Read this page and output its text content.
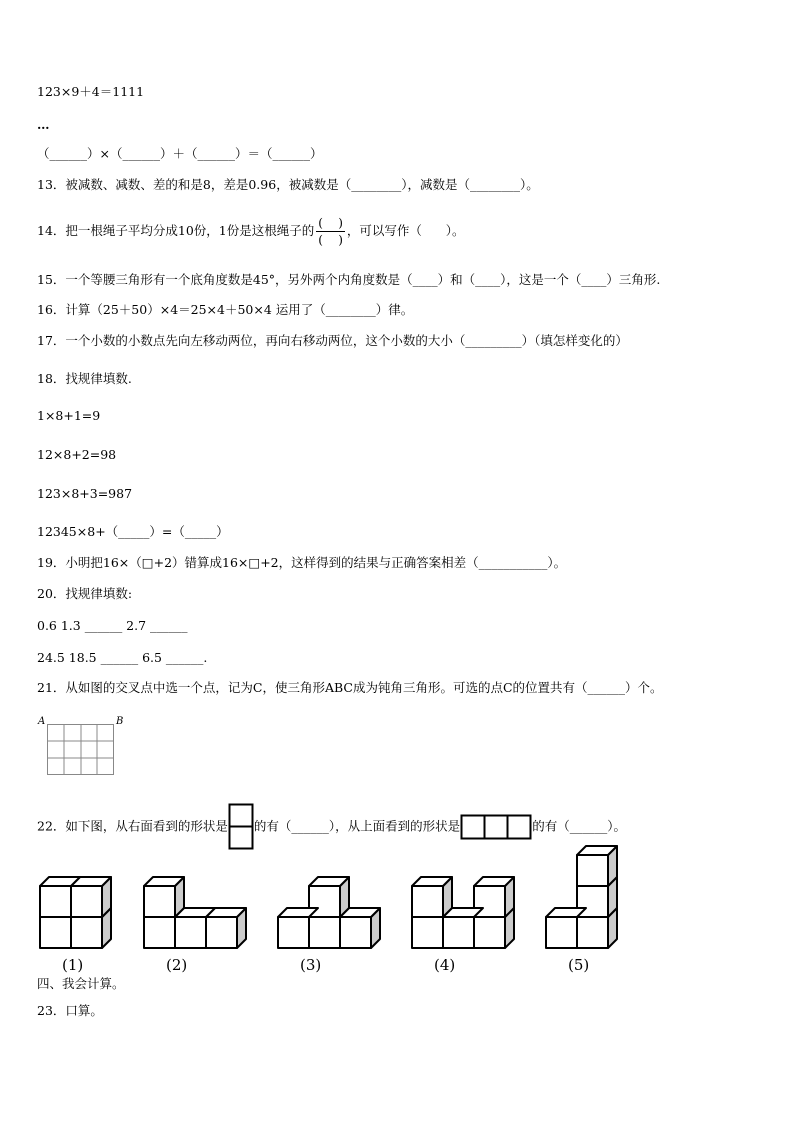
123×9＋4＝1111
…
（______）×（______）＋（______）＝（______）
13．被减数、减数、差的和是8，差是0.96，被减数是（________），减数是（________）。
14．把一根绳子平均分成10份，1份是这根绳子的 $\frac{( )}{( )}$ ，可以写作（      ）。
15．一个等腰三角形有一个底角度数是45°，另外两个内角度数是（____）和（____），这是一个（____）三角形.
16．计算（25＋50）×4＝25×4＋50×4 运用了（________）律。
17．一个小数的小数点先向左移动两位，再向右移动两位，这个小数的大小（_________）（填怎样变化的）
18．找规律填数.
1×8+1=9
12×8+2=98
123×8+3=987
12345×8+（_____）=（_____）
19．小明把16×（□+2）错算成16×□+2，这样得到的结果与正确答案相差（___________）。
20．找规律填数:
0.6 1.3 ______ 2.7 ______
24.5 18.5 ______ 6.5 ______.
21．从如图的交叉点中选一个点，记为C，使三角形ABC成为钝角三角形。可选的点C的位置共有（______）个。
A	B
22．如下图，从右面看到的形状是 的有（______），从上面看到的形状是	的有（______）。
(1)	(2)	(3)	(4)	(5)
四、我会计算。
23．口算。
